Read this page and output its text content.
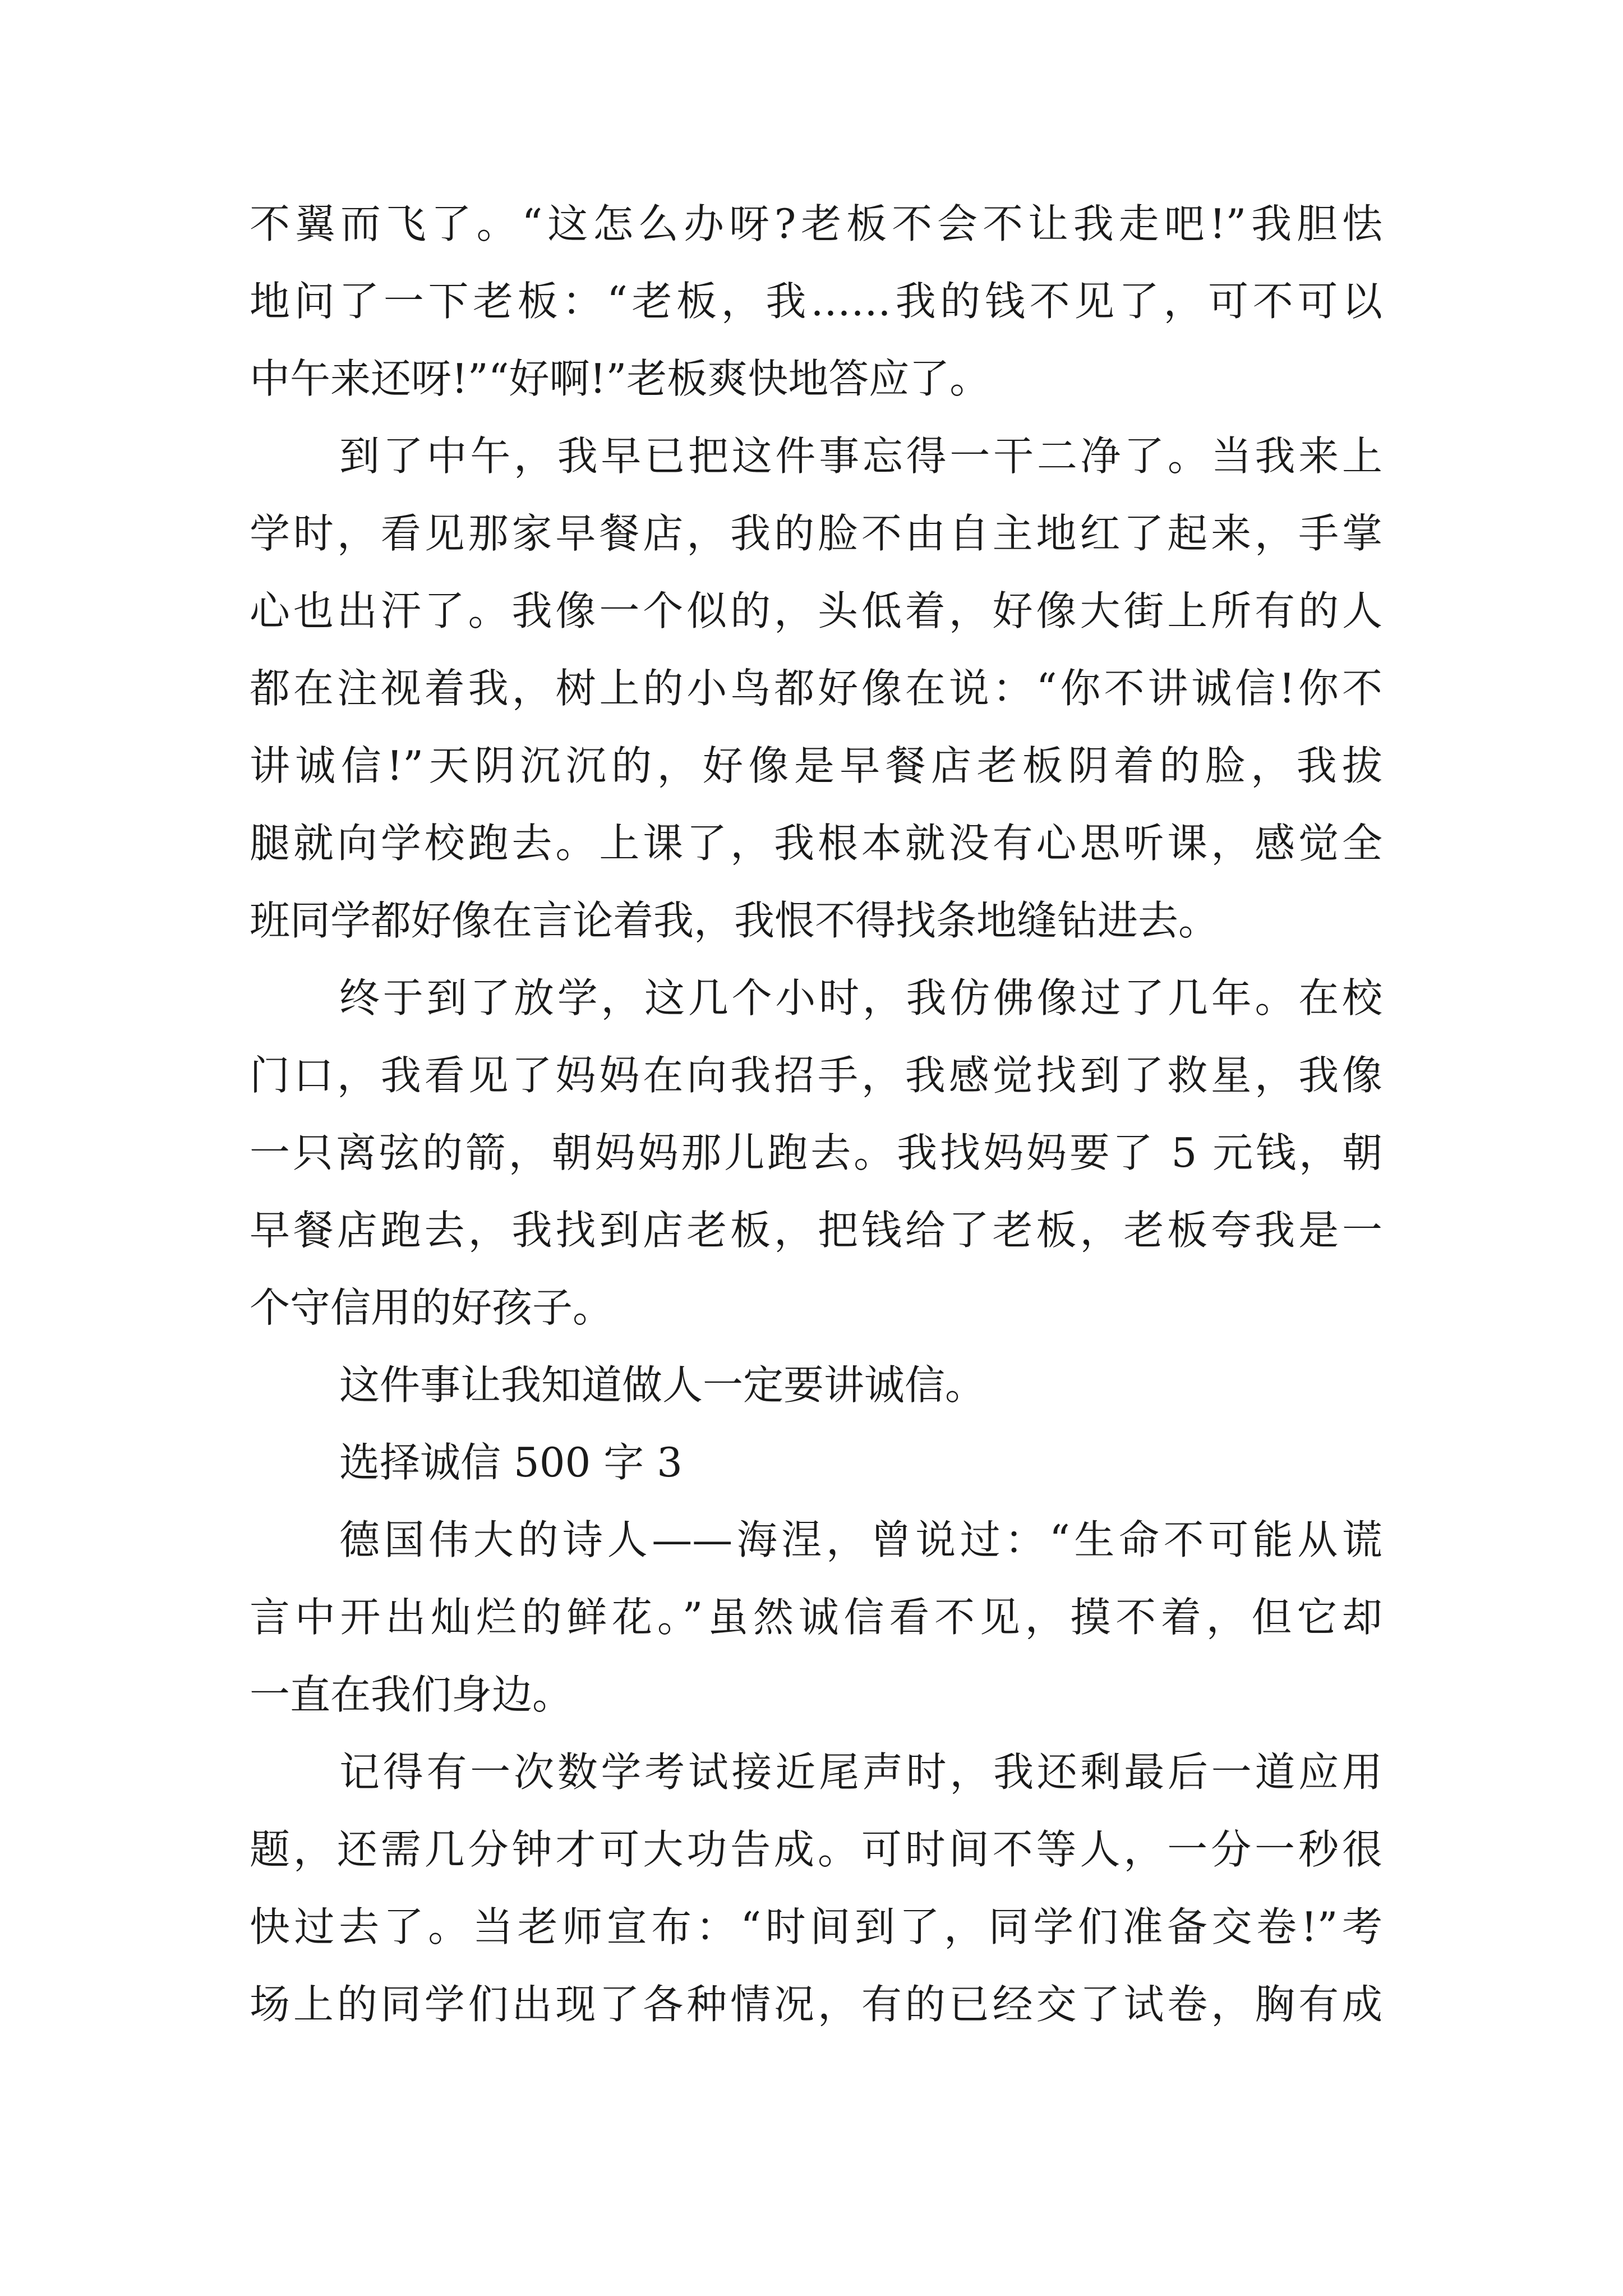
不翼而飞了。“这怎么办呀?老板不会不让我走吧!”我胆怯
地问了一下老板：“老板，我……我的钱不见了，可不可以
中午来还呀!”“好啊!”老板爽快地答应了。
到了中午，我早已把这件事忘得一干二净了。当我来上
学时，看见那家早餐店，我的脸不由自主地红了起来，手掌
心也出汗了。我像一个似的，头低着，好像大街上所有的人
都在注视着我，树上的小鸟都好像在说：“你不讲诚信!你不
讲诚信!”天阴沉沉的，好像是早餐店老板阴着的脸，我拔
腿就向学校跑去。上课了，我根本就没有心思听课，感觉全
班同学都好像在言论着我，我恨不得找条地缝钻进去。
终于到了放学，这几个小时，我仿佛像过了几年。在校
门口，我看见了妈妈在向我招手，我感觉找到了救星，我像
一只离弦的箭，朝妈妈那儿跑去。我找妈妈要了 5 元钱，朝
早餐店跑去，我找到店老板，把钱给了老板，老板夸我是一
个守信用的好孩子。
这件事让我知道做人一定要讲诚信。
选择诚信 500 字 3
德国伟大的诗人——海涅，曾说过：“生命不可能从谎
言中开出灿烂的鲜花。”虽然诚信看不见，摸不着，但它却
一直在我们身边。
记得有一次数学考试接近尾声时，我还剩最后一道应用
题，还需几分钟才可大功告成。可时间不等人，一分一秒很
快过去了。当老师宣布：“时间到了，同学们准备交卷!”考
场上的同学们出现了各种情况，有的已经交了试卷，胸有成
